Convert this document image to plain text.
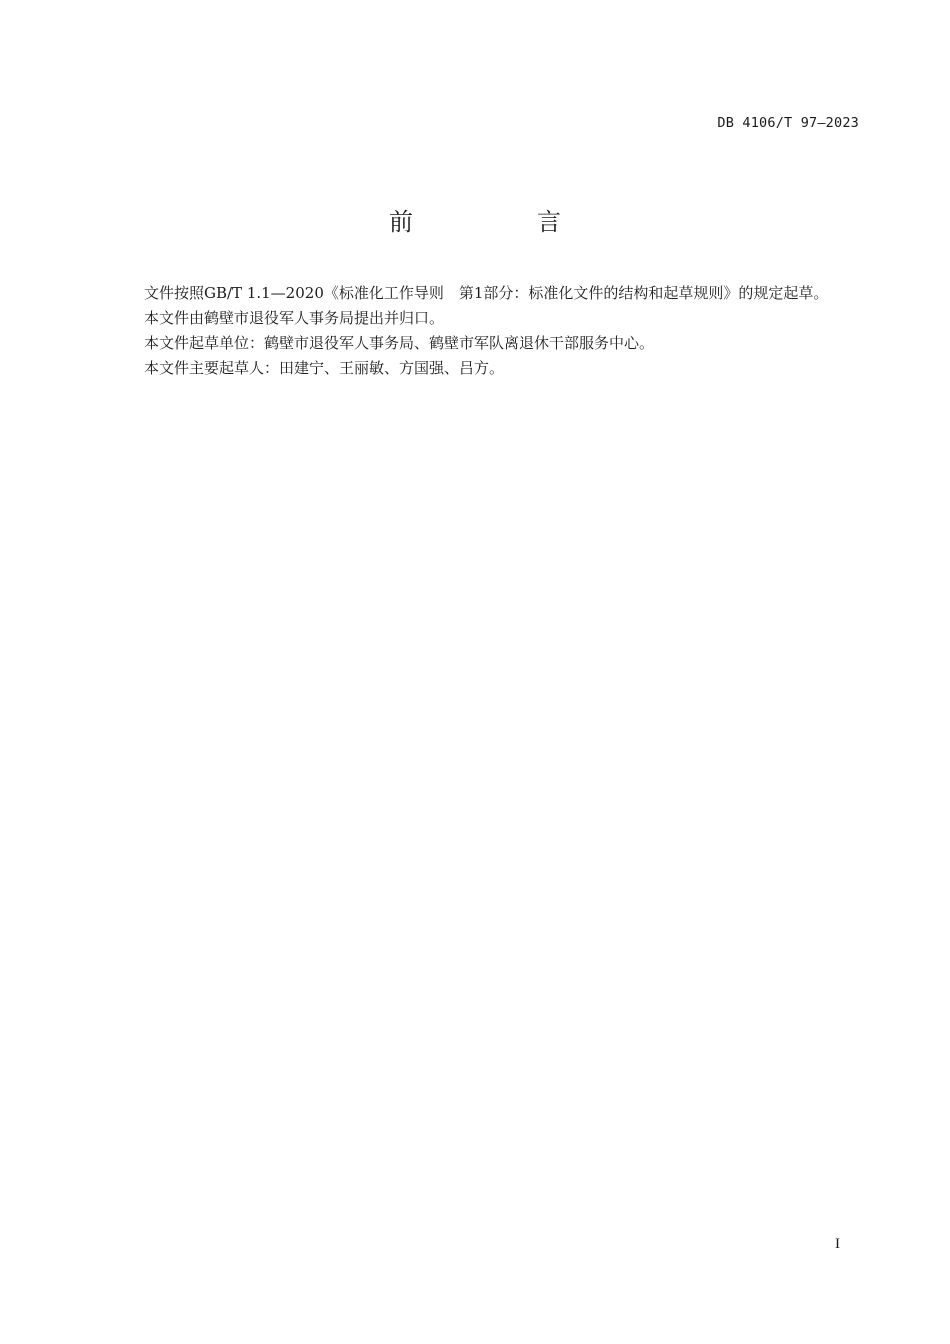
DB 4106/T 97—2023
前　言

文件按照GB/T 1.1—2020《标准化工作导则　第1部分：标准化文件的结构和起草规则》的规定起草。

本文件由鹤壁市退役军人事务局提出并归口。

本文件起草单位：鹤壁市退役军人事务局、鹤壁市军队离退休干部服务中心。

本文件主要起草人：田建宁、王丽敏、方国强、吕方。

I
